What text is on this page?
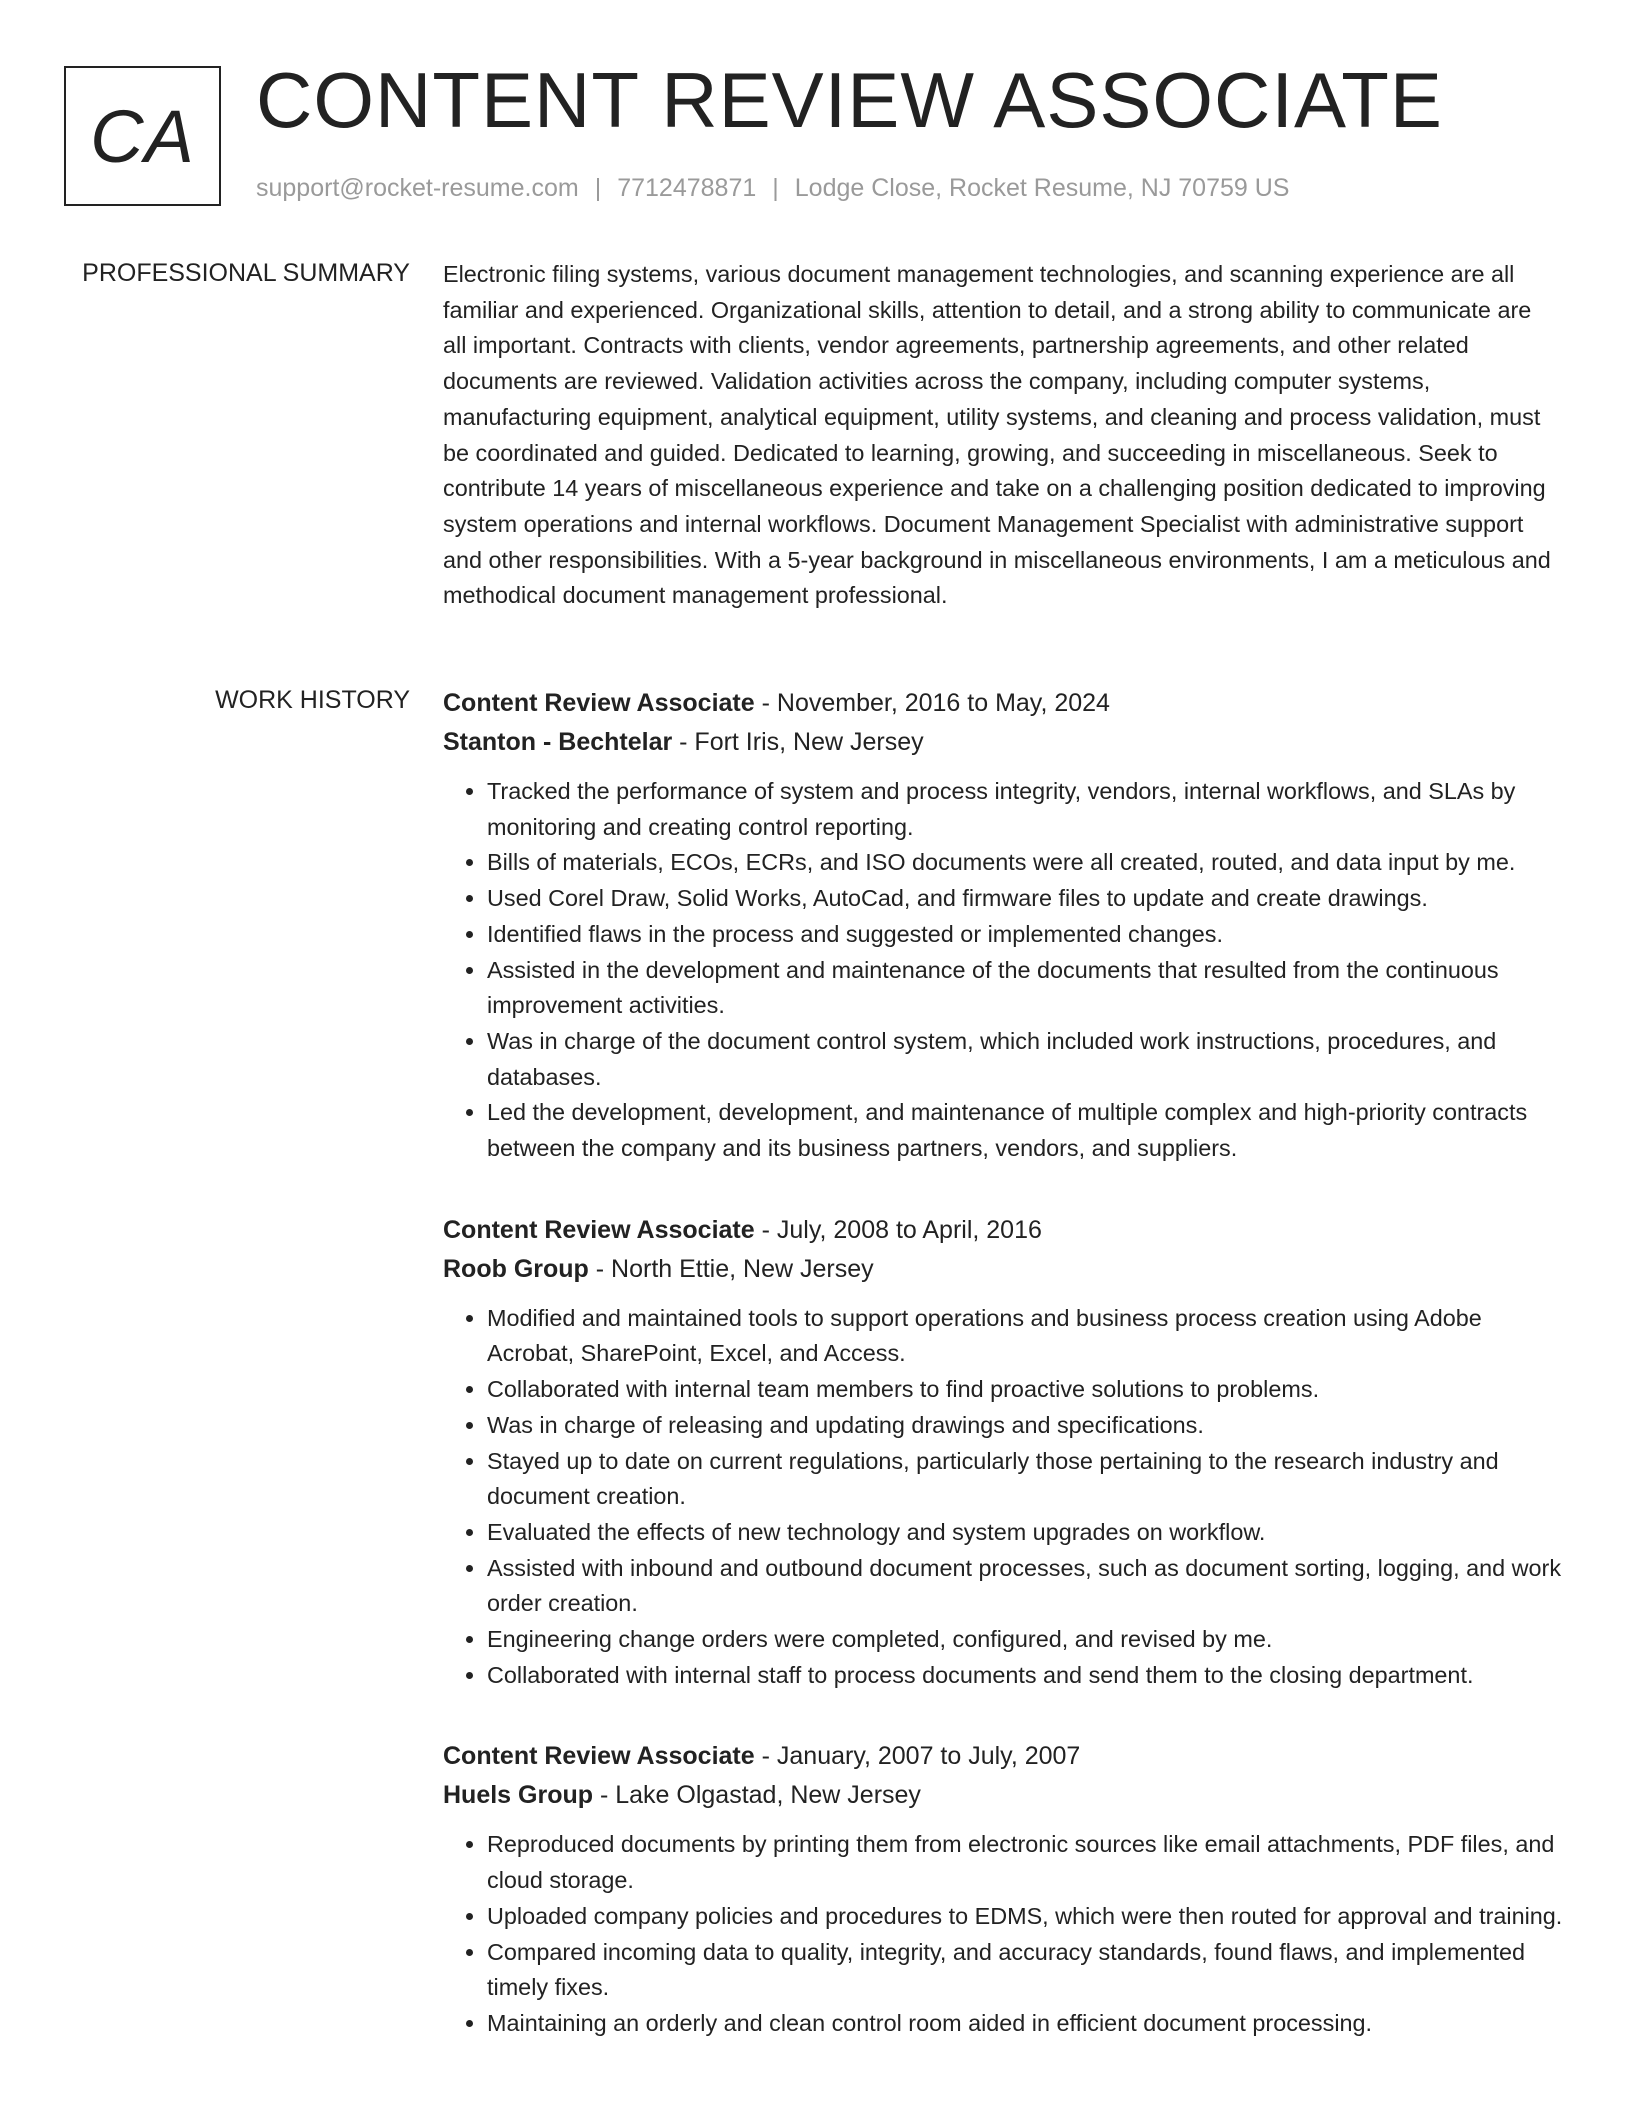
CA CONTENT REVIEW ASSOCIATE
support@rocket-resume.com | 7712478871 | Lodge Close, Rocket Resume, NJ 70759 US
PROFESSIONAL SUMMARY Electronic filing systems, various document management technologies, and scanning experience are all familiar and experienced. Organizational skills, attention to detail, and a strong ability to communicate are all important. Contracts with clients, vendor agreements, partnership agreements, and other related documents are reviewed. Validation activities across the company, including computer systems, manufacturing equipment, analytical equipment, utility systems, and cleaning and process validation, must be coordinated and guided. Dedicated to learning, growing, and succeeding in miscellaneous. Seek to contribute 14 years of miscellaneous experience and take on a challenging position dedicated to improving system operations and internal workflows. Document Management Specialist with administrative support and other responsibilities. With a 5-year background in miscellaneous environments, I am a meticulous and methodical document management professional.

WORK HISTORY Content Review Associate - November, 2016 to May, 2024
Stanton - Bechtelar - Fort Iris, New Jersey
• Tracked the performance of system and process integrity, vendors, internal workflows, and SLAs by monitoring and creating control reporting.
• Bills of materials, ECOs, ECRs, and ISO documents were all created, routed, and data input by me.
• Used Corel Draw, Solid Works, AutoCad, and firmware files to update and create drawings.
• Identified flaws in the process and suggested or implemented changes.
• Assisted in the development and maintenance of the documents that resulted from the continuous improvement activities.
• Was in charge of the document control system, which included work instructions, procedures, and databases.
• Led the development, development, and maintenance of multiple complex and high-priority contracts between the company and its business partners, vendors, and suppliers.
Content Review Associate - July, 2008 to April, 2016
Roob Group - North Ettie, New Jersey
• Modified and maintained tools to support operations and business process creation using Adobe Acrobat, SharePoint, Excel, and Access.
• Collaborated with internal team members to find proactive solutions to problems.
• Was in charge of releasing and updating drawings and specifications.
• Stayed up to date on current regulations, particularly those pertaining to the research industry and document creation.
• Evaluated the effects of new technology and system upgrades on workflow.
• Assisted with inbound and outbound document processes, such as document sorting, logging, and work order creation.
• Engineering change orders were completed, configured, and revised by me.
• Collaborated with internal staff to process documents and send them to the closing department.
Content Review Associate - January, 2007 to July, 2007
Huels Group - Lake Olgastad, New Jersey
• Reproduced documents by printing them from electronic sources like email attachments, PDF files, and cloud storage.
• Uploaded company policies and procedures to EDMS, which were then routed for approval and training.
• Compared incoming data to quality, integrity, and accuracy standards, found flaws, and implemented timely fixes.
• Maintaining an orderly and clean control room aided in efficient document processing.
